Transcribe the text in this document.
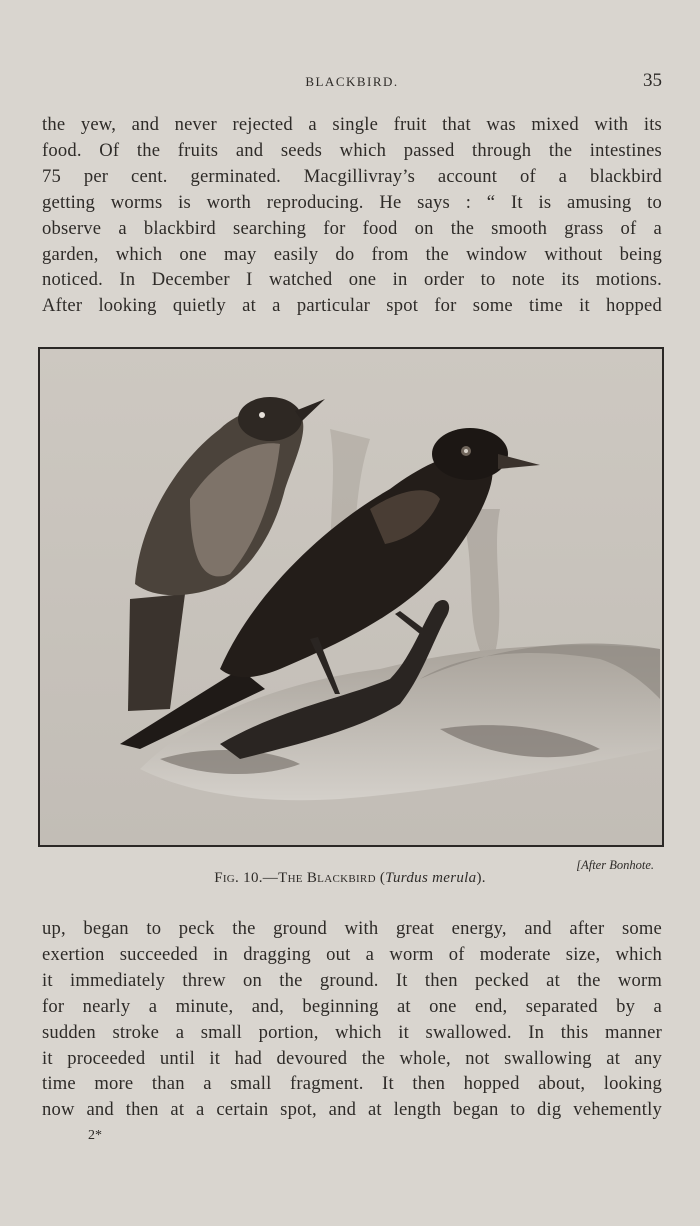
BLACKBIRD.	35

the yew, and never rejected a single fruit that was mixed with its
food. Of the fruits and seeds which passed through the intestines
75 per cent. germinated. Macgillivray’s account of a blackbird
getting worms is worth reproducing. He says : “ It is amusing to
observe a blackbird searching for food on the smooth grass of a
garden, which one may easily do from the window without being
noticed. In December I watched one in order to note its motions.
After looking quietly at a particular spot for some time it hopped

[After Bonhote.
Fig. 10.—The Blackbird (Turdus merula).

up, began to peck the ground with great energy, and after some
exertion succeeded in dragging out a worm of moderate size, which
it immediately threw on the ground. It then pecked at the worm
for nearly a minute, and, beginning at one end, separated by a
sudden stroke a small portion, which it swallowed. In this manner
it proceeded until it had devoured the whole, not swallowing at any
time more than a small fragment. It then hopped about, looking
now and then at a certain spot, and at length began to dig vehemently

2*
